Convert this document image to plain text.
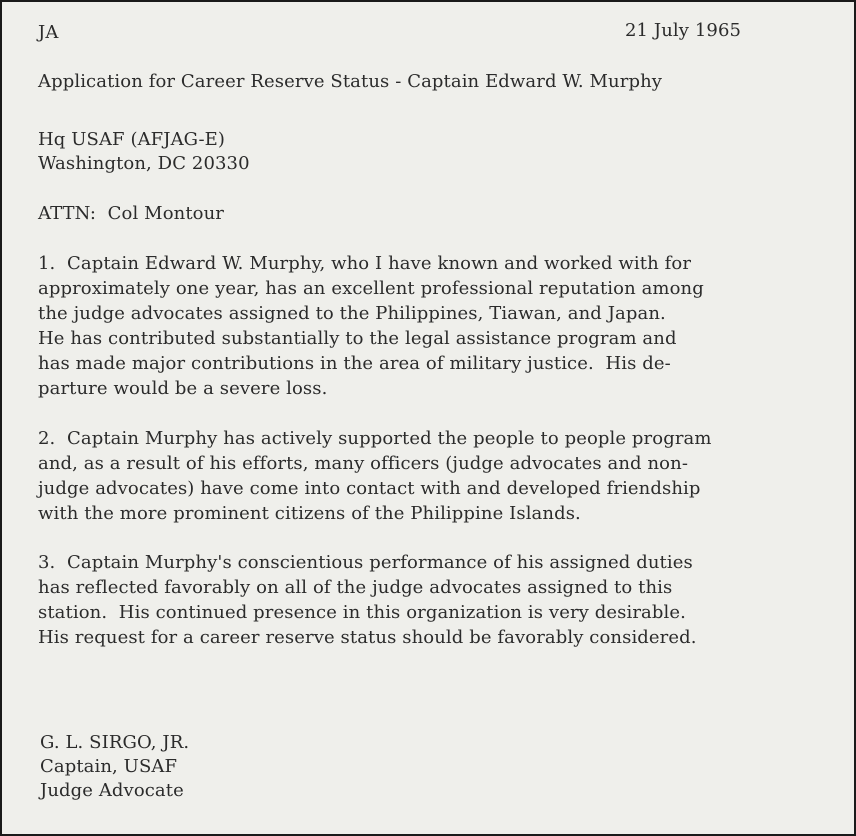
JA	21 July 1965
Application for Career Reserve Status - Captain Edward W. Murphy
Hq USAF (AFJAG-E)
Washington, DC 20330
ATTN:  Col Montour
1.  Captain Edward W. Murphy, who I have known and worked with for
approximately one year, has an excellent professional reputation among
the judge advocates assigned to the Philippines, Tiawan, and Japan.
He has contributed substantially to the legal assistance program and
has made major contributions in the area of military justice.  His de-
parture would be a severe loss.
2.  Captain Murphy has actively supported the people to people program
and, as a result of his efforts, many officers (judge advocates and non-
judge advocates) have come into contact with and developed friendship
with the more prominent citizens of the Philippine Islands.
3.  Captain Murphy's conscientious performance of his assigned duties
has reflected favorably on all of the judge advocates assigned to this
station.  His continued presence in this organization is very desirable.
His request for a career reserve status should be favorably considered.
G. L. SIRGO, JR.
Captain, USAF
Judge Advocate
